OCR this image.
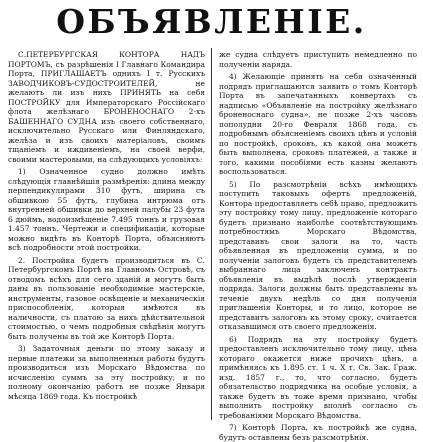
ОБЪЯВЛЕНІЕ.

С.ПЕТЕРБУРГСКАЯ КОНТОРА НАДЪ ПОРТОМЪ, съ разрѣшенія I Главнаго Командира Порта, ПРИГЛАШАЕТЪ однихъ I т. Русскихъ ЗАВОДЧИКОВЪ-СУДОСТРОИТЕЛЕЙ, не желаютъ ли изъ нихъ ПРИНЯТЬ на себя ПОСТРОЙКУ для Императорскаго Россійскаго флота желѣзнаго БРОНЕНОСНАГО 2-хъ БАШЕННАГО СУДНА изъ своего собственнаго, исключительно Русскаго или Финляндскаго, желѣза и изъ своихъ матеріаловъ, своимъ тщаніемъ и иждивеніемъ, на своей верфи, своими мастеровыми, на слѣдующихъ условіяхъ:

1) Означенное судно должно имѣть слѣдующія главнѣйшія размѣренія: длина между перпендикулярами 310 футъ, ширина съ обшивкою 55 футъ, глубина интрюма отъ внутренней обшивки до верхней палубы 23 фута 6 дюймъ, водоизмѣщеніе 7.495 тоннъ и грузовая 1.457 тоннъ. Чертежи и спецификаціи, которые можно видѣть въ Конторѣ Порта, объясняютъ всѣ подробности этой постройки.

2. Постройка будетъ производиться въ С. Петербургскомъ Портѣ на Главномъ Островѣ, съ отводомъ всѣхъ для сего зданій и могутъ быть даны въ пользованіе необходимые мастерскіе, инструменты, газовое освѣщеніе и механическія приспособленія, которыя имѣются въ наличности, съ платою за нихъ дѣйствительной стоимостью, о чемъ подробныя свѣдѣнія могутъ быть получены въ той же Конторѣ Порта.

3) Задаточныя деньги по этому заказу и первые платежи за выполненныя работы будутъ производиться изъ Морскаго Вѣдомства по исчисленію суммъ за эту постройку; и по полному окончанію работъ не позже Января мѣсяца 1869 года. Къ постройкѣ

же судна слѣдуетъ приступить немедленно по полученіи наряда.

4) Желающіе принять на себя означенный подрядъ приглашаются заявить о томъ Конторѣ Порта въ запечатанныхъ конвертахъ съ надписью «Объявленіе на постройку желѣзнаго броненоснаго судна», не позже 2-хъ часовъ пополудни 20-го Февраля 1868 года, съ подробнымъ объясненіемъ своихъ цѣнъ и условій по постройкѣ, сроковъ, къ какой она можетъ быть выполнена, сроковъ платежей, а также и того, какими пособіями есть казны желаютъ воспользоваться.

5) По разсмотрѣніи всѣхъ имѣющихъ поступить таковыхъ офертъ предложеній, Контора предоставляетъ себѣ право, предложить эту постройку тому лицу, предложеніе котораго будетъ признано наиболѣе соотвѣтствующимъ потребностямъ Морскаго Вѣдомства, представивъ свои залоги на то, часть объявленная въ предложеніи сумма, и по полученіи залоговъ будетъ съ представителемъ выбраннаго лица заключенъ контрактъ объявленія въ выдѣлѣ послѣ утвержденія подряда. Залоги должны быть представлены въ теченіе двухъ недѣль со дня полученія приглашенія Конторы, и то лицо, которое не представитъ залоговъ къ этому сроку, считается отказавшимся отъ своего предложенія.

6) Подрядъ на эту постройку будетъ предоставленъ исключительно тому лицу, цѣна котораго окажется ниже прочихъ цѣнъ, а примѣняясь къ 1.895 ст. 1 ч. X т. Св. Зак. Граж. изд. 1857 г., то, что согласно, будетъ обязательство подрядчика на особые условія, а также будетъ въ тоже время признано, чтобы выполнить постройку вполнѣ согласно съ требованіями Морскаго Вѣдомства.

7) Конторѣ Порта, къ постройкѣ же судна, будутъ оставлены безъ разсмотрѣнія.
